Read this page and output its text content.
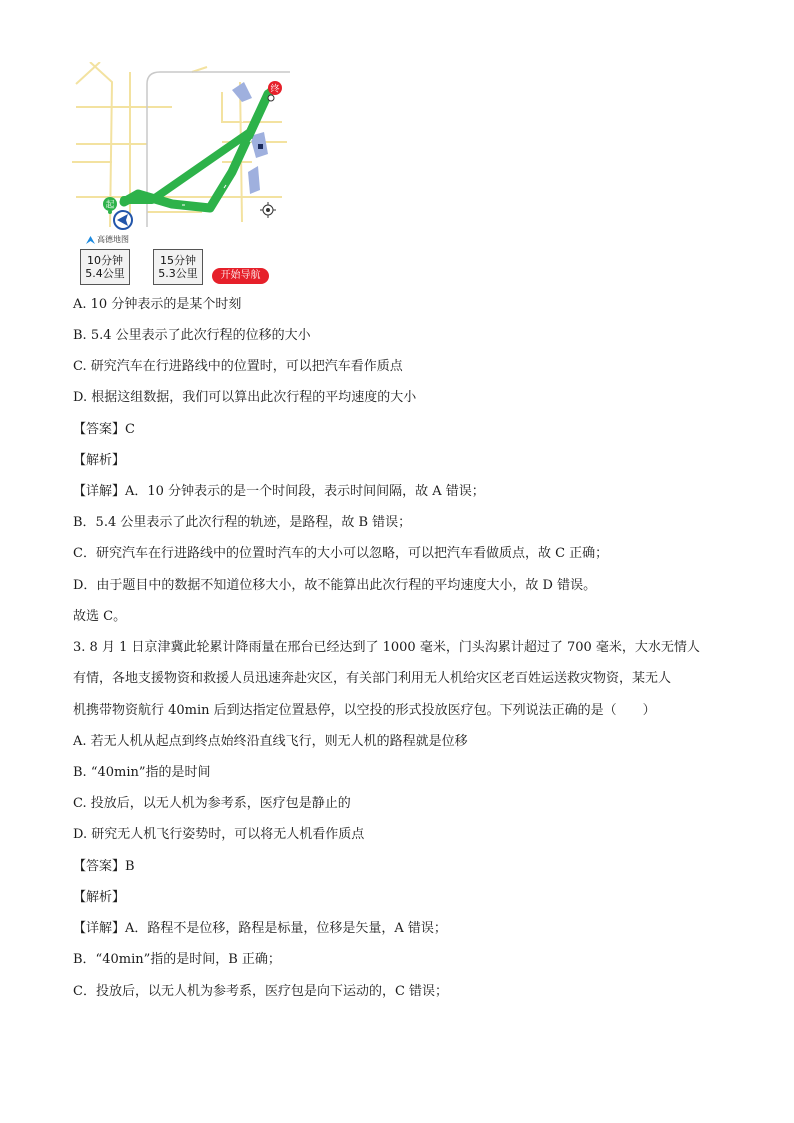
起
终
高德地图
10分钟
5.4公里
15分钟
5.3公里	开始导航
A. 10 分钟表示的是某个时刻
B. 5.4 公里表示了此次行程的位移的大小
C. 研究汽车在行进路线中的位置时，可以把汽车看作质点
D. 根据这组数据，我们可以算出此次行程的平均速度的大小
【答案】C
【解析】
【详解】A．10 分钟表示的是一个时间段，表示时间间隔，故 A 错误；
B．5.4 公里表示了此次行程的轨迹，是路程，故 B 错误；
C．研究汽车在行进路线中的位置时汽车的大小可以忽略，可以把汽车看做质点，故 C 正确；
D．由于题目中的数据不知道位移大小，故不能算出此次行程的平均速度大小，故 D 错误。
故选 C。
3. 8 月 1 日京津冀此轮累计降雨量在邢台已经达到了 1000 毫米，门头沟累计超过了 700 毫米，大水无情人
有情，各地支援物资和救援人员迅速奔赴灾区，有关部门利用无人机给灾区老百姓运送救灾物资，某无人
机携带物资航行 40min 后到达指定位置悬停，以空投的形式投放医疗包。下列说法正确的是（　　）
A. 若无人机从起点到终点始终沿直线飞行，则无人机的路程就是位移
B. “40min”指的是时间
C. 投放后，以无人机为参考系，医疗包是静止的
D. 研究无人机飞行姿势时，可以将无人机看作质点
【答案】B
【解析】
【详解】A．路程不是位移，路程是标量，位移是矢量，A 错误；
B．“40min”指的是时间，B 正确；
C．投放后，以无人机为参考系，医疗包是向下运动的，C 错误；
